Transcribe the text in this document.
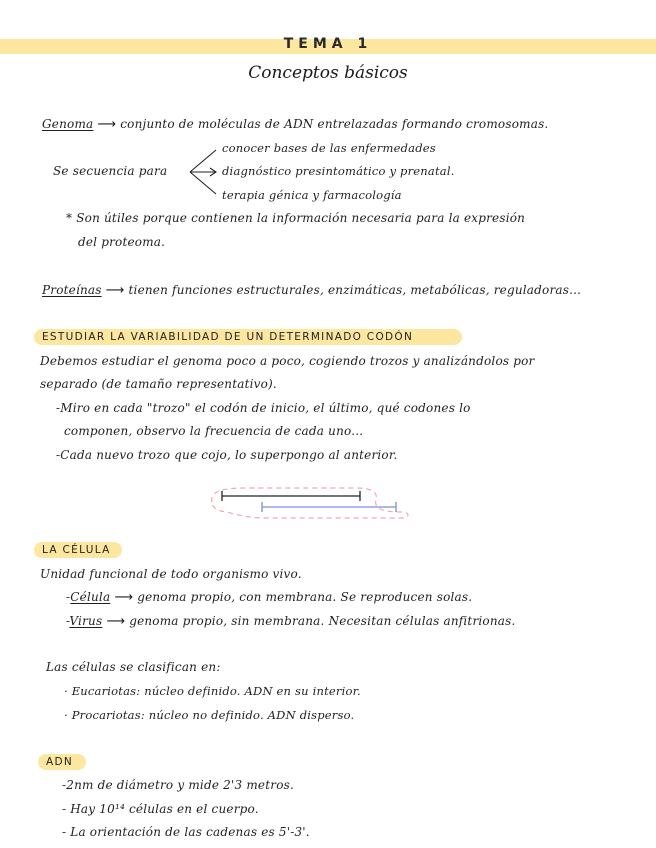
TEMA 1
Conceptos básicos
Genoma ⟶ conjunto de moléculas de ADN entrelazadas formando cromosomas.
Se secuencia para
conocer bases de las enfermedades
diagnóstico presintomático y prenatal.
terapia génica y farmacología
* Son útiles porque contienen la información necesaria para la expresión
del proteoma.
Proteínas ⟶ tienen funciones estructurales, enzimáticas, metabólicas, reguladoras...
ESTUDIAR LA VARIABILIDAD DE UN DETERMINADO CODÓN
Debemos estudiar el genoma poco a poco, cogiendo trozos y analizándolos por
separado (de tamaño representativo).
-Miro en cada "trozo" el codón de inicio, el último, qué codones lo
componen, observo la frecuencia de cada uno...
-Cada nuevo trozo que cojo, lo superpongo al anterior.
LA CÉLULA
Unidad funcional de todo organismo vivo.
-Célula ⟶ genoma propio, con membrana. Se reproducen solas.
-Virus ⟶ genoma propio, sin membrana. Necesitan células anfitrionas.
Las células se clasifican en:
· Eucariotas: núcleo definido. ADN en su interior.
· Procariotas: núcleo no definido. ADN disperso.
ADN
-2nm de diámetro y mide 2'3 metros.
- Hay 10¹⁴ células en el cuerpo.
- La orientación de las cadenas es 5'-3'.
